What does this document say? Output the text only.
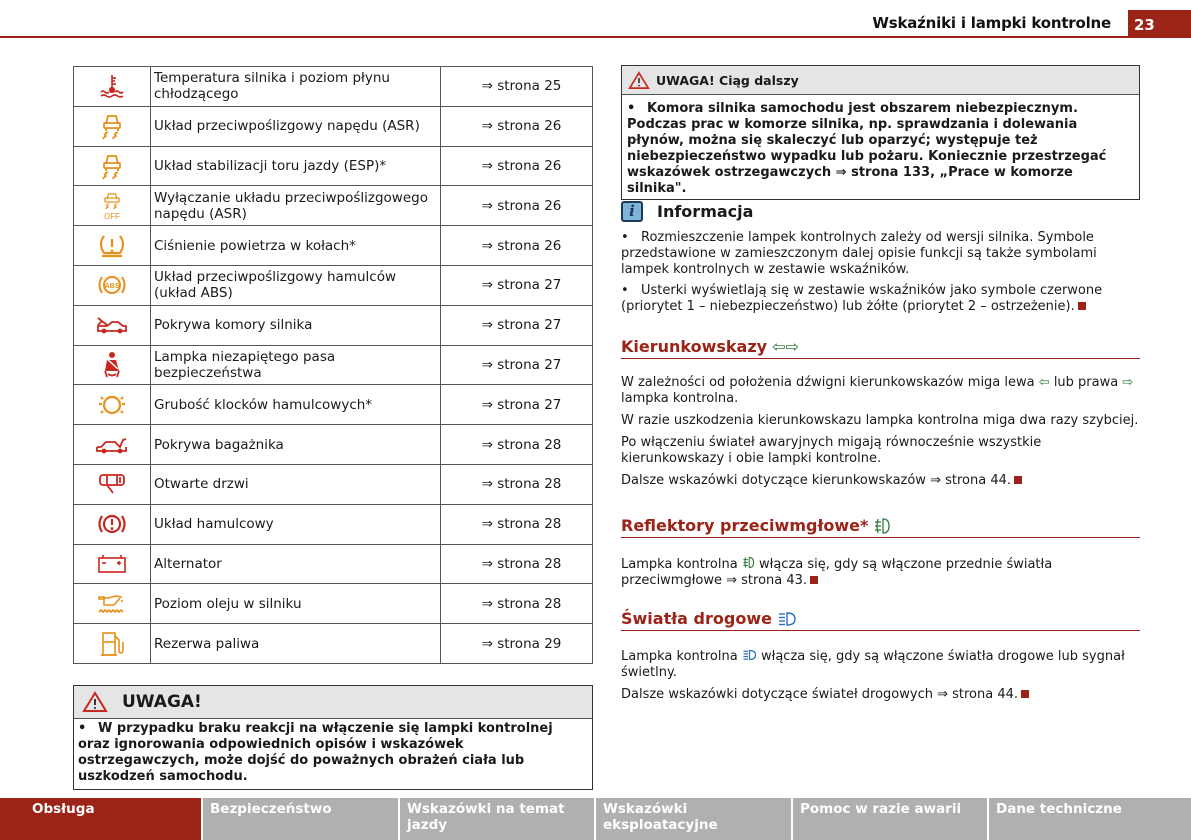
Wskaźniki i lampki kontrolne	23
	Temperatura silnika i poziom płynu chłodzącego	⇒ strona 25
	Układ przeciwpoślizgowy napędu (ASR)	⇒ strona 26
	Układ stabilizacji toru jazdy (ESP)*	⇒ strona 26

OFF	Wyłączanie układu przeciwpoślizgowego napędu (ASR)	⇒ strona 26
	Ciśnienie powietrza w kołach*	⇒ strona 26

ABS	Układ przeciwpoślizgowy hamulców (układ ABS)	⇒ strona 27
	Pokrywa komory silnika	⇒ strona 27
	Lampka niezapiętego pasa bezpieczeństwa	⇒ strona 27
	Grubość klocków hamulcowych*	⇒ strona 27
	Pokrywa bagażnika	⇒ strona 28
	Otwarte drzwi	⇒ strona 28
	Układ hamulcowy	⇒ strona 28
	Alternator	⇒ strona 28
	Poziom oleju w silniku	⇒ strona 28
	Rezerwa paliwa	⇒ strona 29
UWAGA!
• W przypadku braku reakcji na włączenie się lampki kontrolnej oraz ignorowania odpowiednich opisów i wskazówek ostrzegawczych, może dojść do poważnych obrażeń ciała lub uszkodzeń samochodu.
UWAGA! Ciąg dalszy
• Komora silnika samochodu jest obszarem niebezpiecznym. Podczas prac w komorze silnika, np. sprawdzania i dolewania płynów, można się skaleczyć lub oparzyć; występuje też niebezpieczeństwo wypadku lub pożaru. Koniecznie przestrzegać wskazówek ostrzegawczych ⇒ strona 133, „Prace w komorze silnika".
i	Informacja

• Rozmieszczenie lampek kontrolnych zależy od wersji silnika. Symbole przedstawione w zamieszczonym dalej opisie funkcji są także symbolami lampek kontrolnych w zestawie wskaźników.

• Usterki wyświetlają się w zestawie wskaźników jako symbole czerwone (priorytet 1 – niebezpieczeństwo) lub żółte (priorytet 2 – ostrzeżenie).

Kierunkowskazy ⇦⇨

W zależności od położenia dźwigni kierunkowskazów miga lewa ⇦ lub prawa ⇨ lampka kontrolna.

W razie uszkodzenia kierunkowskazu lampka kontrolna miga dwa razy szybciej.

Po włączeniu świateł awaryjnych migają równocześnie wszystkie kierunkowskazy i obie lampki kontrolne.

Dalsze wskazówki dotyczące kierunkowskazów ⇒ strona 44.

Reflektory przeciwmgłowe*

Lampka kontrolna włącza się, gdy są włączone przednie światła przeciwmgłowe ⇒ strona 43.

Światła drogowe

Lampka kontrolna włącza się, gdy są włączone światła drogowe lub sygnał świetlny.

Dalsze wskazówki dotyczące świateł drogowych ⇒ strona 44.

Obsługa	Bezpieczeństwo	Wskazówki na temat jazdy
Wskazówki eksploatacyjne
Pomoc w razie awarii	Dane techniczne
